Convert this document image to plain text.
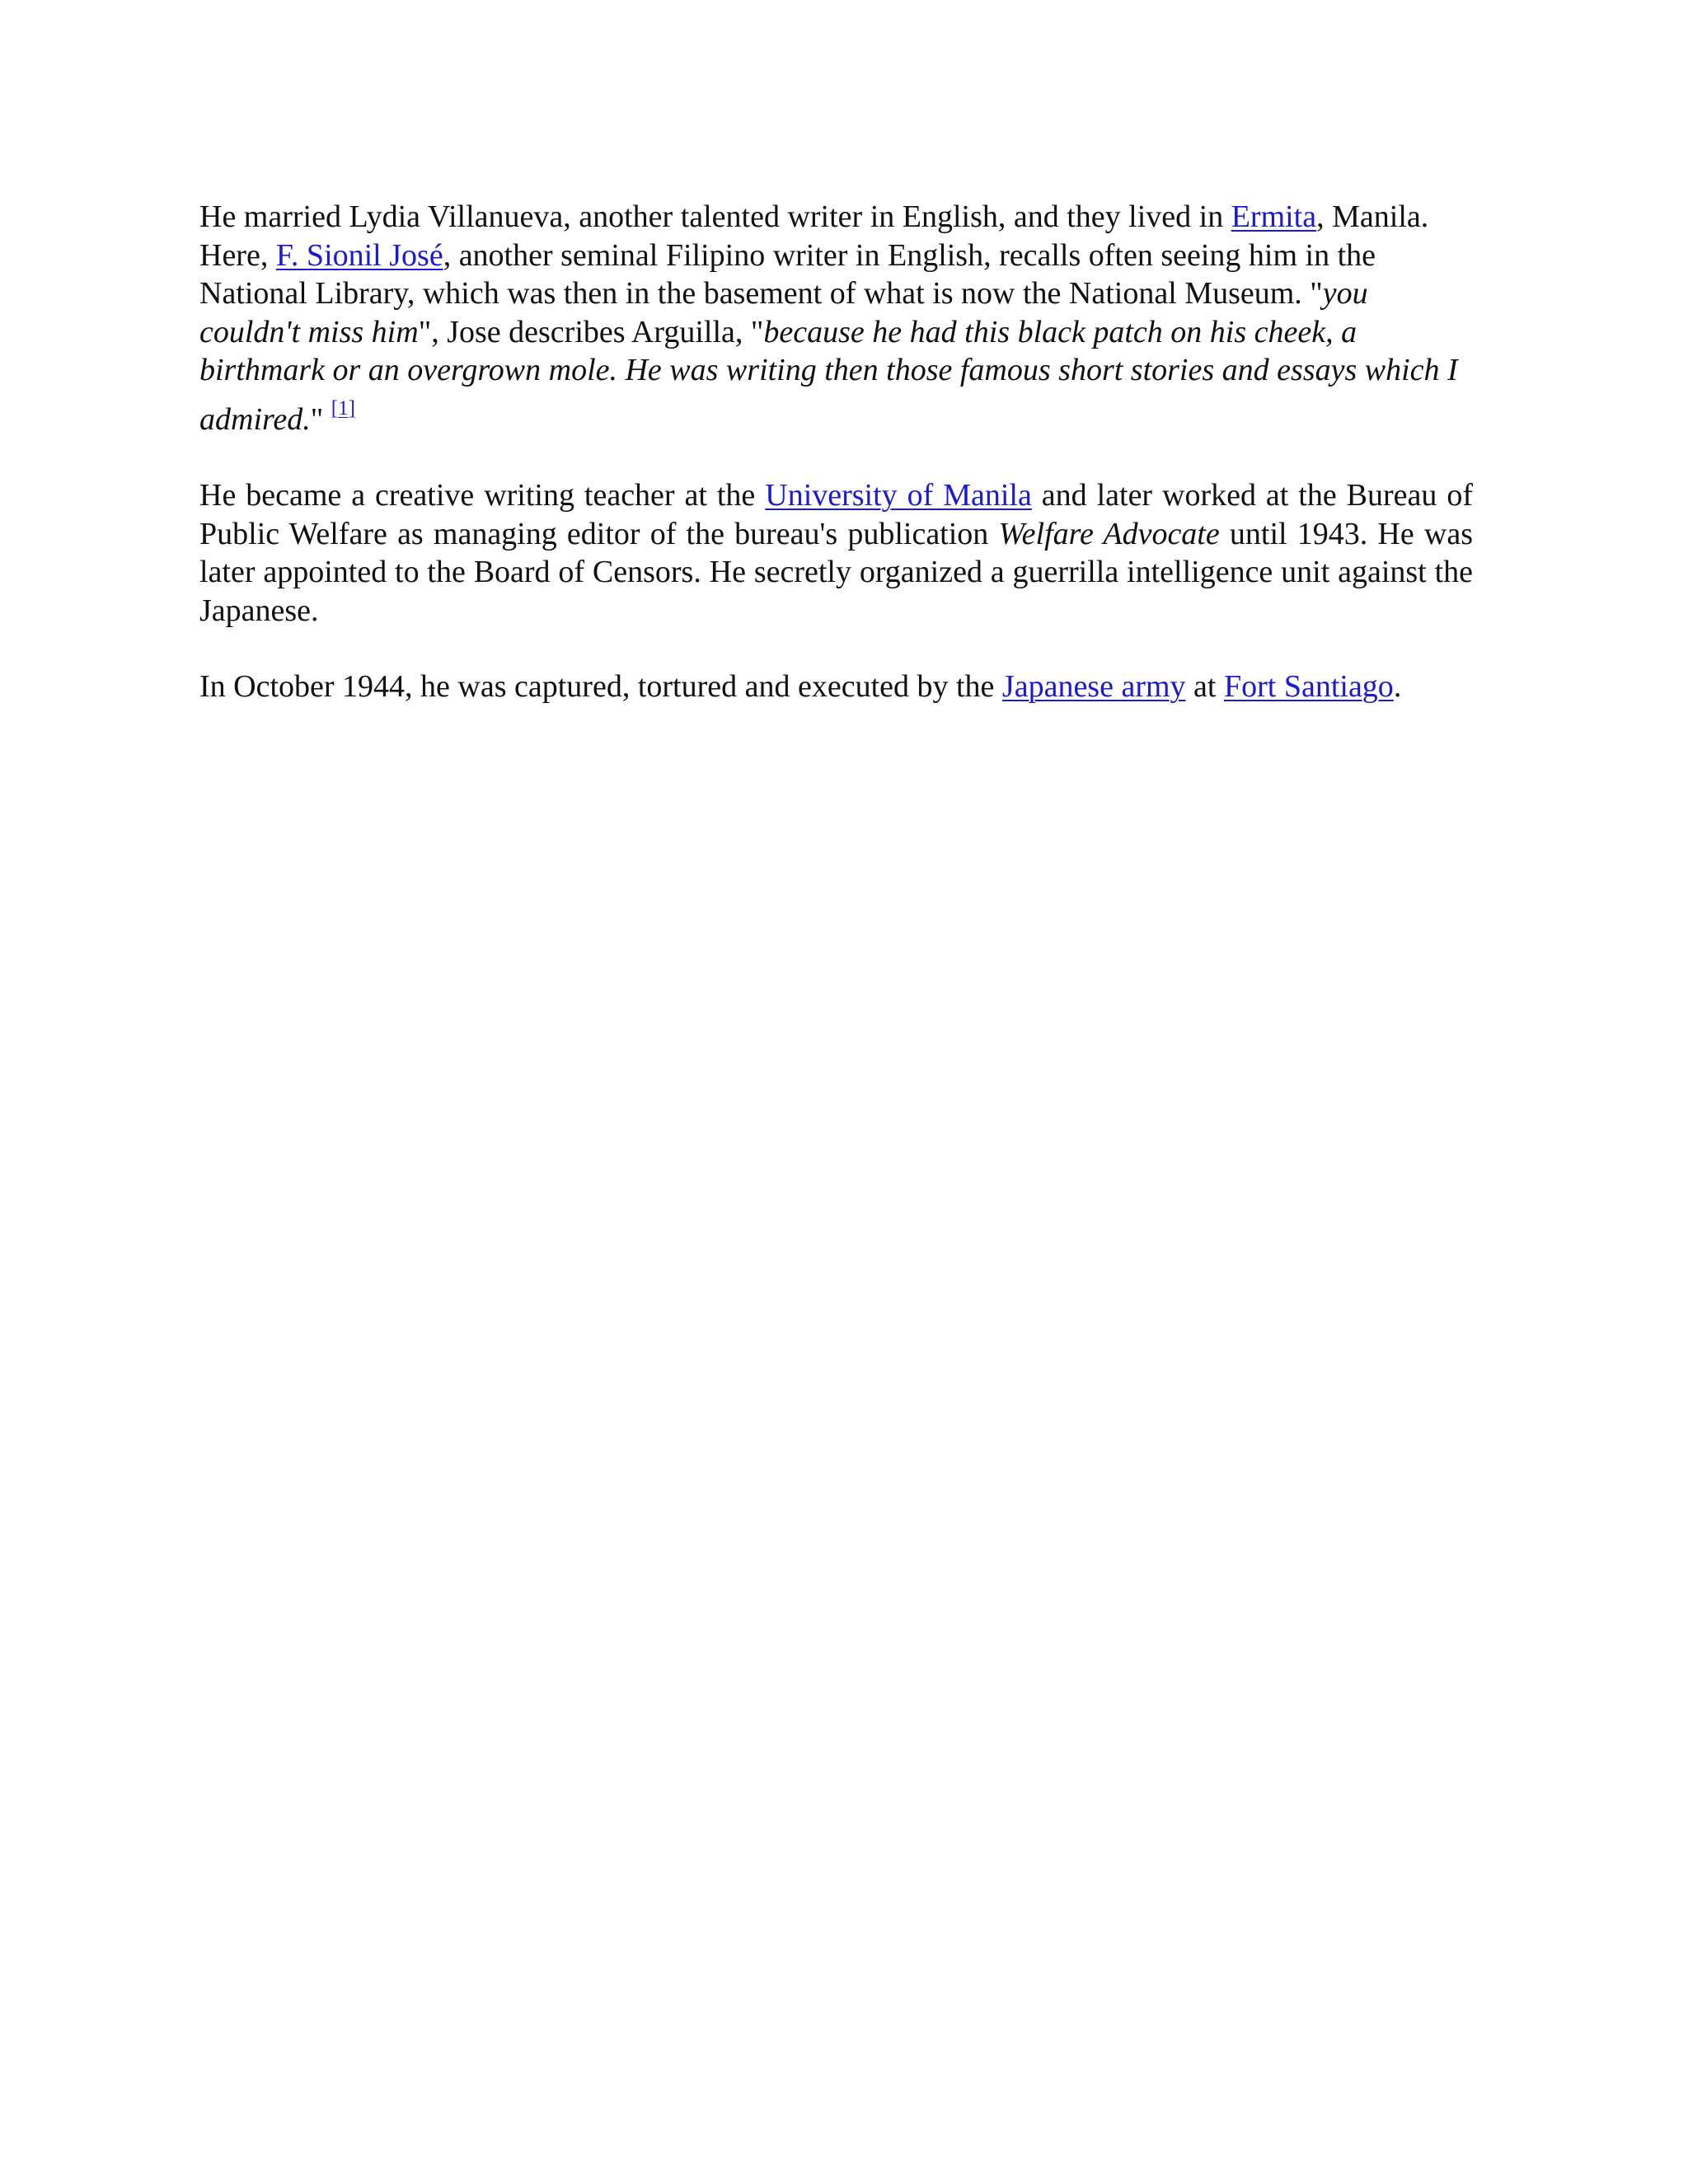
He married Lydia Villanueva, another talented writer in English, and they lived in Ermita, Manila. Here, F. Sionil José, another seminal Filipino writer in English, recalls often seeing him in the National Library, which was then in the basement of what is now the National Museum. "you couldn't miss him", Jose describes Arguilla, "because he had this black patch on his cheek, a birthmark or an overgrown mole. He was writing then those famous short stories and essays which I admired." [1]

He became a creative writing teacher at the University of Manila and later worked at the Bureau of Public Welfare as managing editor of the bureau's publication Welfare Advocate until 1943. He was later appointed to the Board of Censors. He secretly organized a guerrilla intelligence unit against the Japanese.

In October 1944, he was captured, tortured and executed by the Japanese army at Fort Santiago.
